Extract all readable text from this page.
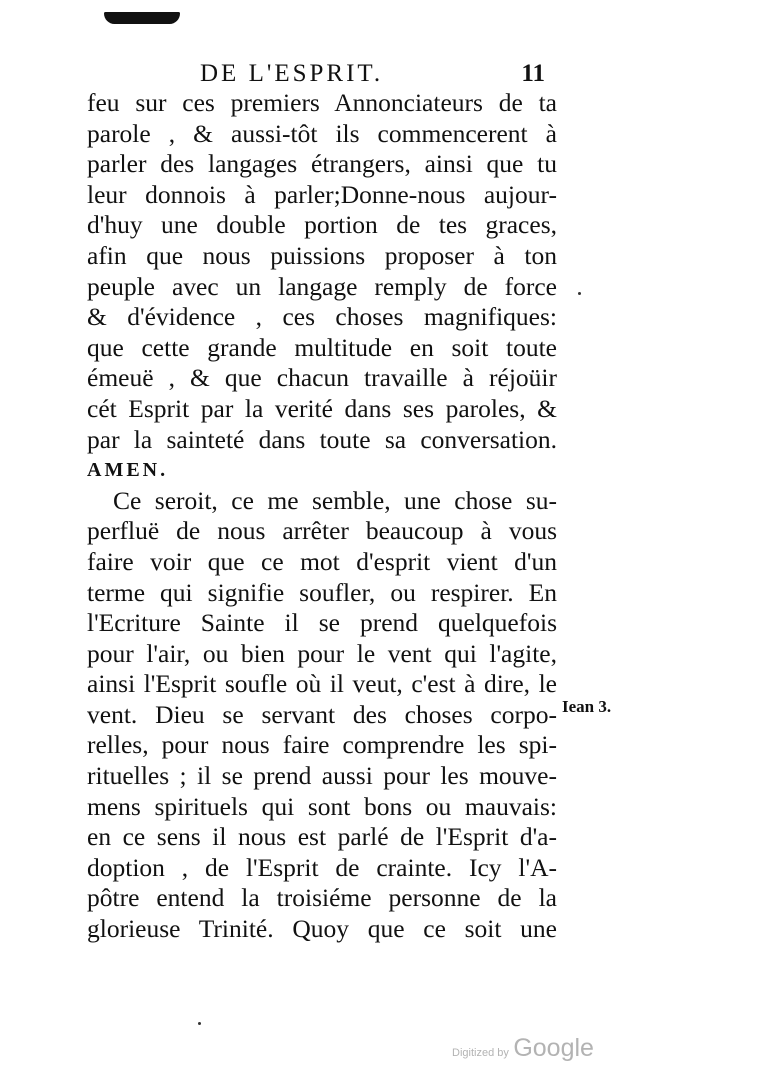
DE L'ESPRIT.	11
feu sur ces premiers Annonciateurs de ta
parole , & aussi-tôt ils commencerent à
parler des langages étrangers, ainsi que tu
leur donnois à parler;Donne-nous aujour-
d'huy une double portion de tes graces,
afin que nous puissions proposer à ton
peuple avec un langage remply de force
& d'évidence , ces choses magnifiques:
que cette grande multitude en soit toute
émeuë , & que chacun travaille à réjoüir
cét Esprit par la verité dans ses paroles, &
par la sainteté dans toute sa conversation.
AMEN.
Ce seroit, ce me semble, une chose su-
perfluë de nous arrêter beaucoup à vous
faire voir que ce mot d'esprit vient d'un
terme qui signifie soufler, ou respirer. En
l'Ecriture Sainte il se prend quelquefois
pour l'air, ou bien pour le vent qui l'agite,
ainsi l'Esprit soufle où il veut, c'est à dire, le
vent. Dieu se servant des choses corpo-
relles, pour nous faire comprendre les spi-
rituelles ; il se prend aussi pour les mouve-
mens spirituels qui sont bons ou mauvais:
en ce sens il nous est parlé de l'Esprit d'a-
doption , de l'Esprit de crainte. Icy l'A-
pôtre entend la troisiéme personne de la
glorieuse Trinité. Quoy que ce soit une
Iean 3.
Digitized by Google
